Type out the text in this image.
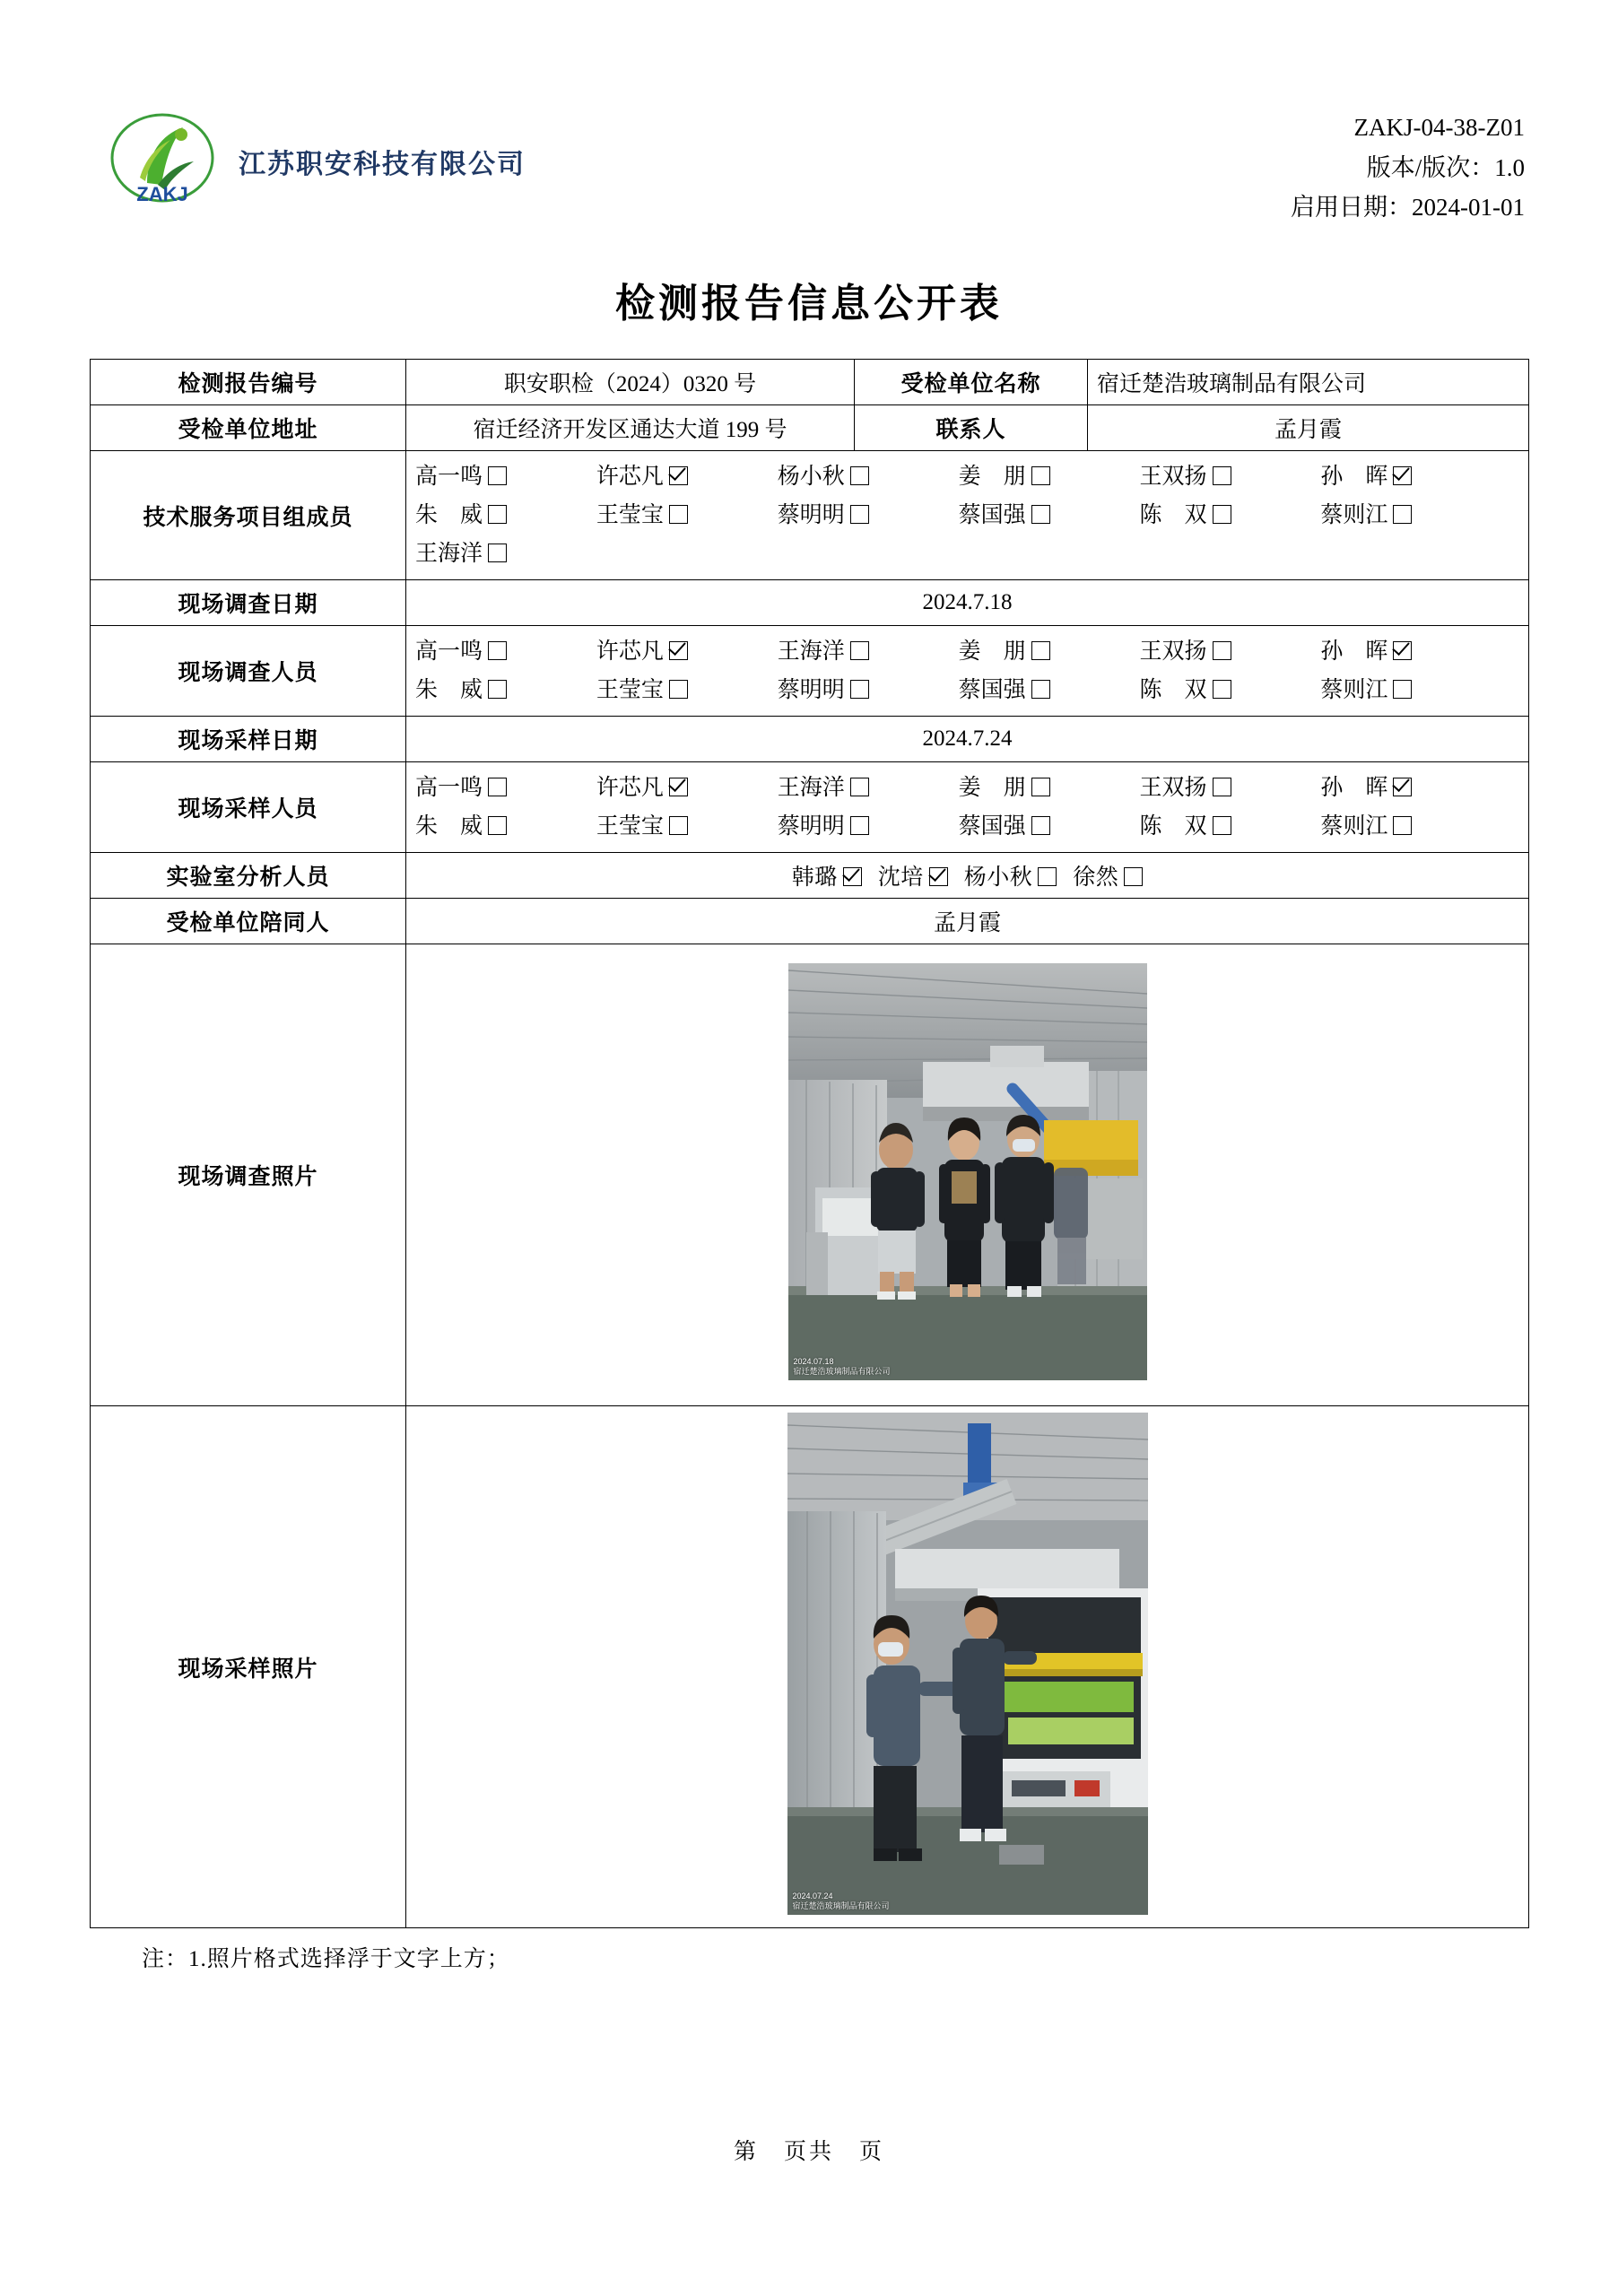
ZAKJ
江苏职安科技有限公司
ZAKJ-04-38-Z01
版本/版次：1.0
启用日期：2024-01-01
检测报告信息公开表
检测报告编号	职安职检（2024）0320 号	受检单位名称	宿迁楚浩玻璃制品有限公司
受检单位地址	宿迁经济开发区通达大道 199 号	联系人	孟月霞
技术服务项目组成员	
高一鸣	许芯凡	杨小秋	姜　朋	王双扬	孙　晖
朱　威	王莹宝	蔡明明	蔡国强	陈　双	蔡则江
王海洋

现场调查日期	2024.7.18		
现场调查人员	
高一鸣	许芯凡	王海洋	姜　朋	王双扬	孙　晖
朱　威	王莹宝	蔡明明	蔡国强	陈　双	蔡则江

现场采样日期	2024.7.24		
现场采样人员	
高一鸣	许芯凡	王海洋	姜　朋	王双扬	孙　晖
朱　威	王莹宝	蔡明明	蔡国强	陈　双	蔡则江

实验室分析人员	韩璐 沈培 杨小秋 徐然		

受检单位陪同人	孟月霞		
现场调查照片	2024.07.18
宿迁楚浩玻璃制品有限公司		

现场采样照片	2024.07.24
宿迁楚浩玻璃制品有限公司		
注：1.照片格式选择浮于文字上方；
第　页共　页
